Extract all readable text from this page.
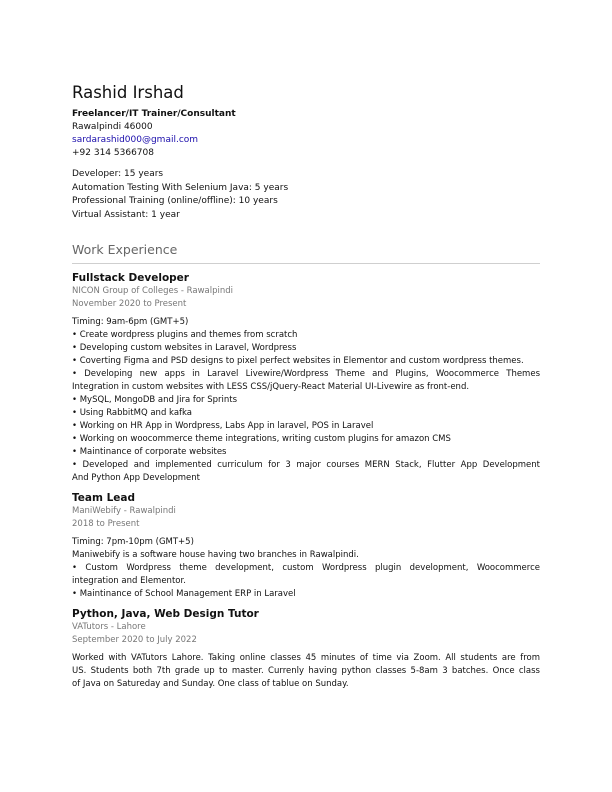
Rashid Irshad
Freelancer/IT Trainer/Consultant
Rawalpindi 46000
sardarashid000@gmail.com
+92 314 5366708
Developer: 15 years
Automation Testing With Selenium Java: 5 years
Professional Training (online/offline): 10 years
Virtual Assistant: 1 year
Work Experience
Fullstack Developer
NICON Group of Colleges - Rawalpindi
November 2020 to Present
Timing: 9am-6pm (GMT+5)
• Create wordpress plugins and themes from scratch
• Developing custom websites in Laravel, Wordpress
• Coverting Figma and PSD designs to pixel perfect websites in Elementor and custom wordpress themes.
• Developing new apps in Laravel Livewire/Wordpress Theme and Plugins, Woocommerce Themes
Integration in custom websites with LESS CSS/jQuery-React Material UI-Livewire as front-end.
• MySQL, MongoDB and Jira for Sprints
• Using RabbitMQ and kafka
• Working on HR App in Wordpress, Labs App in laravel, POS in Laravel
• Working on woocommerce theme integrations, writing custom plugins for amazon CMS
• Maintinance of corporate websites
• Developed and implemented curriculum for 3 major courses MERN Stack, Flutter App Development
And Python App Development
Team Lead
ManiWebify - Rawalpindi
2018 to Present
Timing: 7pm-10pm (GMT+5)
Maniwebify is a software house having two branches in Rawalpindi.
• Custom Wordpress theme development, custom Wordpress plugin development, Woocommerce
integration and Elementor.
• Maintinance of School Management ERP in Laravel
Python, Java, Web Design Tutor
VATutors - Lahore
September 2020 to July 2022
Worked with VATutors Lahore. Taking online classes 45 minutes of time via Zoom. All students are from
US. Students both 7th grade up to master. Currenly having python classes 5-8am 3 batches. Once class
of Java on Satureday and Sunday. One class of tablue on Sunday.
